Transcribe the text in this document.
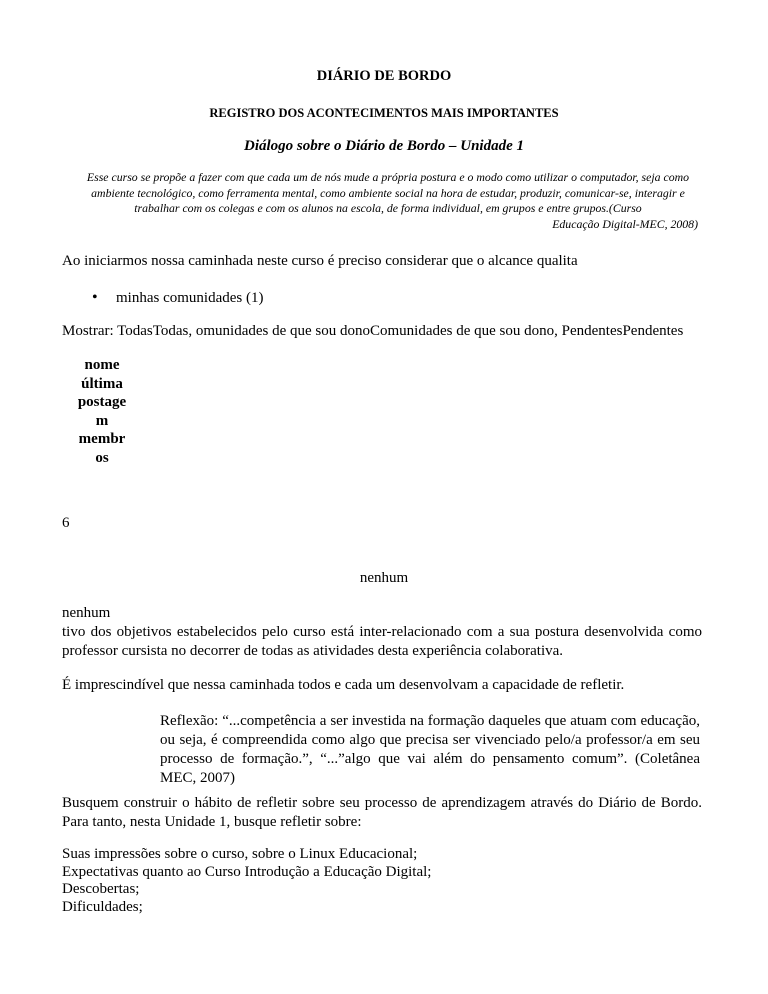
DIÁRIO DE BORDO

REGISTRO DOS ACONTECIMENTOS MAIS IMPORTANTES

Diálogo sobre o Diário de Bordo – Unidade 1

Esse curso se propõe a fazer com que cada um de nós mude a própria postura e o modo como utilizar o computador, seja como ambiente tecnológico, como ferramenta mental, como ambiente social na hora de estudar, produzir, comunicar-se, interagir e trabalhar com os colegas e com os alunos na escola, de forma individual, em grupos e entre grupos.(Curso
Educação Digital-MEC, 2008)

Ao iniciarmos nossa caminhada neste curso é preciso considerar que o alcance qualita

• minhas comunidades (1)

Mostrar: TodasTodas, omunidades de que sou donoComunidades de que sou dono, PendentesPendentes

nome
última
postage
m
membr
os

6

nenhum

nenhum
tivo dos objetivos estabelecidos pelo curso está inter-relacionado com a sua postura desenvolvida como professor cursista no decorrer de todas as atividades desta experiência colaborativa.

É imprescindível que nessa caminhada todos e cada um desenvolvam a capacidade de refletir.

Reflexão: “...competência a ser investida na formação daqueles que atuam com educação, ou seja, é compreendida como algo que precisa ser vivenciado pelo/a professor/a em seu processo de formação.”, “...”algo que vai além do pensamento comum”. (Coletânea MEC, 2007)

Busquem construir o hábito de refletir sobre seu processo de aprendizagem através do Diário de Bordo. Para tanto, nesta Unidade 1, busque refletir sobre:

Suas impressões sobre o curso, sobre o Linux Educacional;
Expectativas quanto ao Curso Introdução a Educação Digital;
Descobertas;
Dificuldades;
